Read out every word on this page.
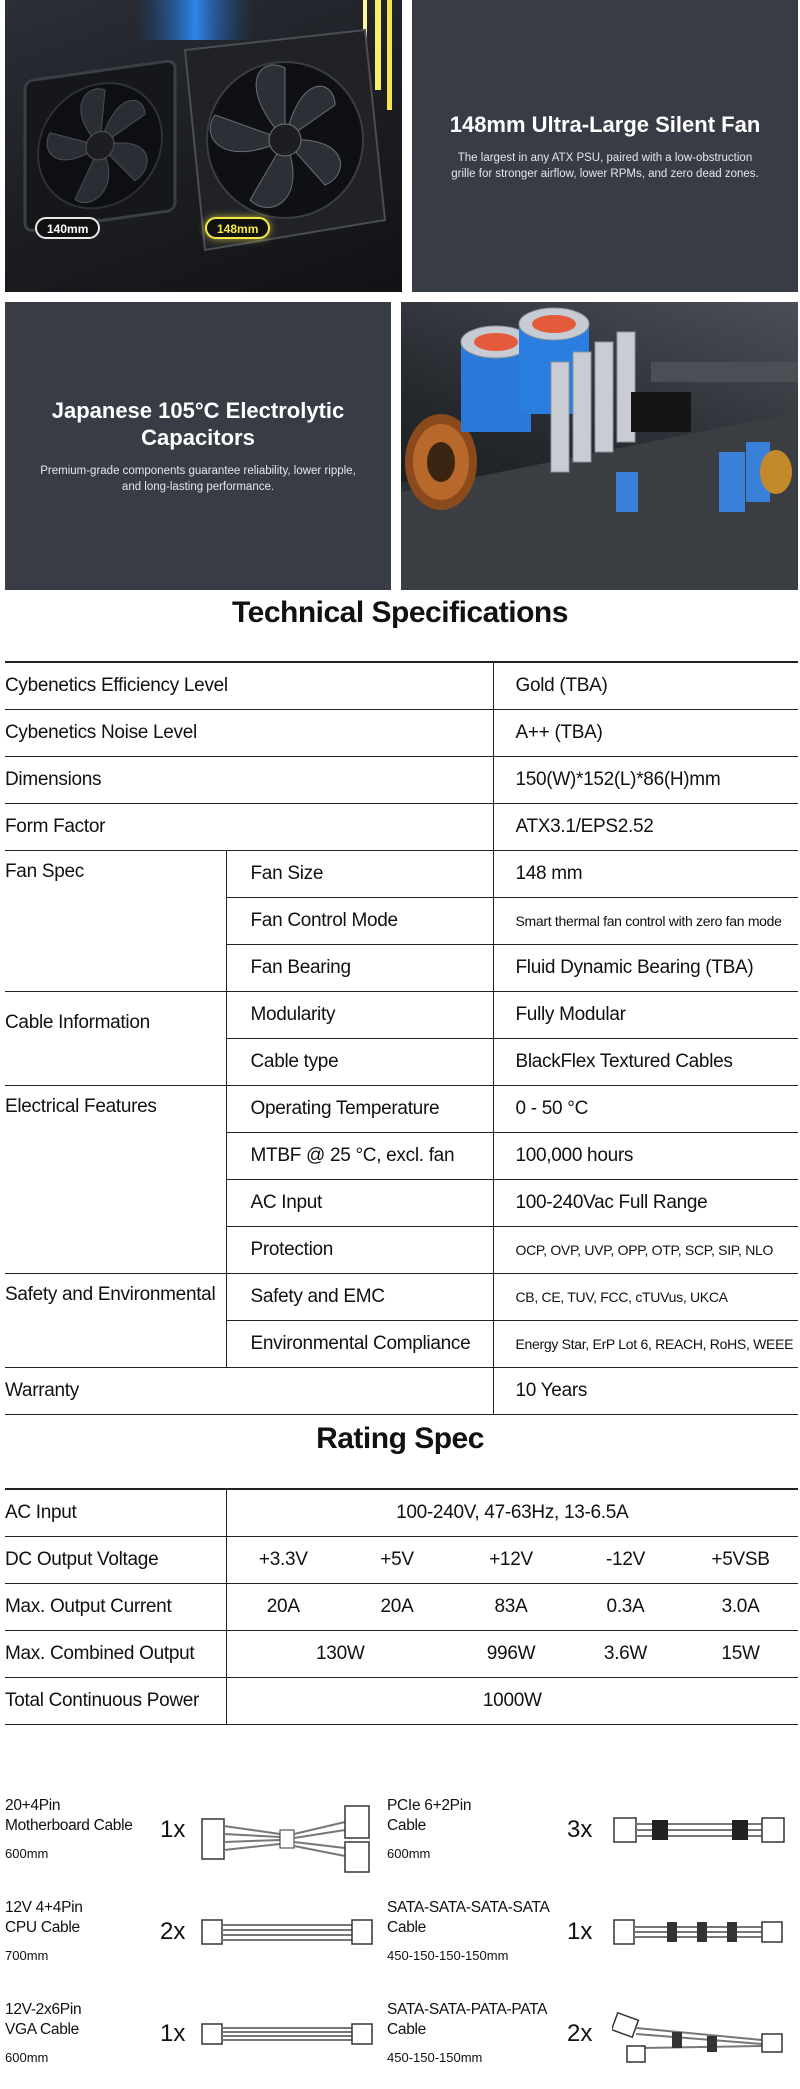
140mm	148mm
148mm Ultra-Large Silent Fan

The largest in any ATX PSU, paired with a low-obstruction

grille for stronger airflow, lower RPMs, and zero dead zones.

Japanese 105°C Electrolytic
Capacitors

Premium-grade components guarantee reliability, lower ripple,

and long-lasting performance.

Technical Specifications
Cybenetics Efficiency Level		Gold (TBA)
Cybenetics Noise Level		A++ (TBA)
Dimensions		150(W)*152(L)*86(H)mm
Form Factor		ATX3.1/EPS2.52
Fan Spec	Fan Size	148 mm
	Fan Control Mode	Smart thermal fan control with zero fan mode
	Fan Bearing	Fluid Dynamic Bearing (TBA)
Cable Information	Modularity	Fully Modular
	Cable type	BlackFlex Textured Cables
Electrical Features	Operating Temperature	0 - 50 °C
	MTBF @ 25 °C, excl. fan	100,000 hours
	AC Input	100-240Vac Full Range
	Protection	OCP, OVP, UVP, OPP, OTP, SCP, SIP, NLO
Safety and Environmental	Safety and EMC	CB, CE, TUV, FCC, cTUVus, UKCA
	Environmental Compliance	Energy Star, ErP Lot 6, REACH, RoHS, WEEE
Warranty		10 Years
Rating Spec
AC Input	100-240V, 47-63Hz, 13-6.5A				
DC Output Voltage	+3.3V	+5V	+12V	-12V	+5VSB
Max. Output Current	20A	20A	83A	0.3A	3.0A
Max. Combined Output	130W		996W	3.6W	15W
Total Continuous Power	1000W				
20+4Pin
Motherboard Cable
600mm
1x
PCIe 6+2Pin
Cable
600mm
3x
12V 4+4Pin
CPU Cable
700mm
2x
SATA-SATA-SATA-SATA
Cable
450-150-150-150mm
1x
12V-2x6Pin
VGA Cable
600mm
1x
SATA-SATA-PATA-PATA
Cable
450-150-150mm
2x
